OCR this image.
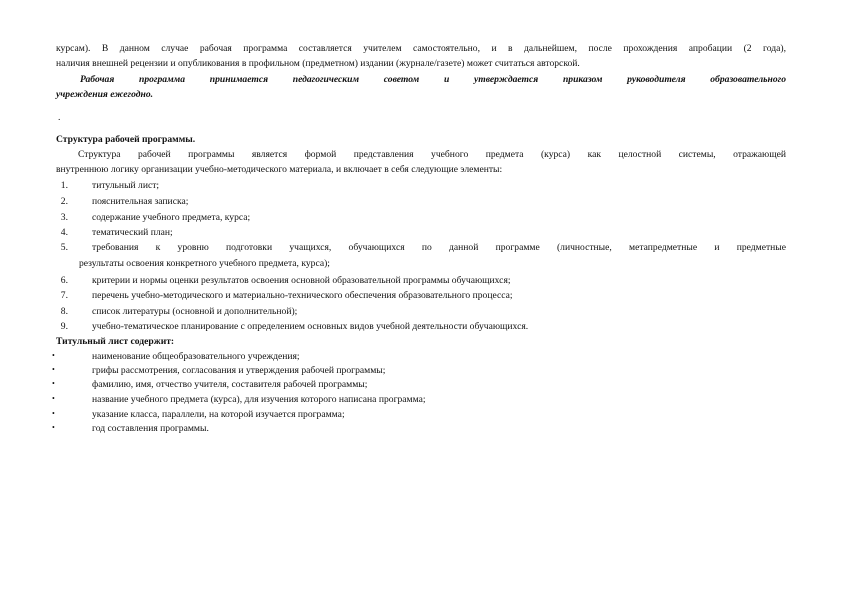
курсам). В данном случае рабочая программа составляется учителем самостоятельно, и в дальнейшем, после прохождения апробации (2 года),
наличия внешней рецензии и опубликования в профильном (предметном) издании (журнале/газете) может считаться авторской.
Рабочая программа принимается педагогическим советом и утверждается приказом руководителя образовательного
учреждения ежегодно.
.
Структура рабочей программы.
Структура рабочей программы является формой представления учебного предмета (курса) как целостной системы, отражающей
внутреннюю логику организации учебно-методического материала, и включает в себя следующие элементы:
1.	титульный лист;
2.	пояснительная записка;
3.	содержание учебного предмета, курса;
4.	тематический план;
5.	требования к уровню подготовки учащихся, обучающихся по данной программе (личностные, метапредметные и предметные
результаты освоения конкретного учебного предмета, курса);
6.	критерии и нормы оценки результатов освоения основной образовательной программы обучающихся;
7.	перечень учебно-методического и материально-технического обеспечения образовательного процесса;
8.	список литературы (основной и дополнительной);
9.	учебно-тематическое планирование с определением основных видов учебной деятельности обучающихся.
Титульный лист содержит:
•	наименование общеобразовательного учреждения;
•	грифы рассмотрения, согласования и утверждения рабочей программы;
•	фамилию, имя, отчество учителя, составителя рабочей программы;
•	название учебного предмета (курса), для изучения которого написана программа;
•	указание класса, параллели, на которой изучается программа;
•	год составления программы.
